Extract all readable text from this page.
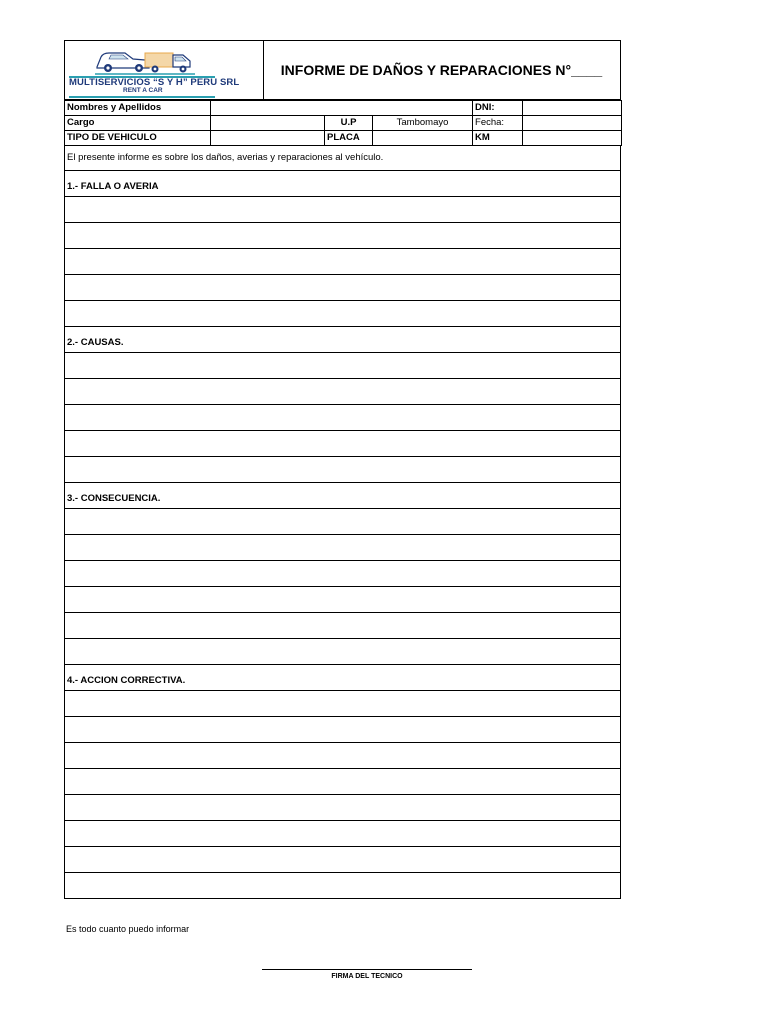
MULTISERVICIOS “S Y H” PERU SRL
RENT A CAR
INFORME DE DAÑOS Y REPARACIONES N°____
Nombres y Apellidos				DNI:	
Cargo		U.P	Tambomayo	Fecha:	
TIPO DE VEHICULO		PLACA		KM	
El presente informe es sobre los daños, averias y reparaciones al vehículo.
1.- FALLA O AVERIA
2.- CAUSAS.
3.- CONSECUENCIA.
4.- ACCION CORRECTIVA.
Es todo cuanto puedo informar
FIRMA DEL TECNICO
